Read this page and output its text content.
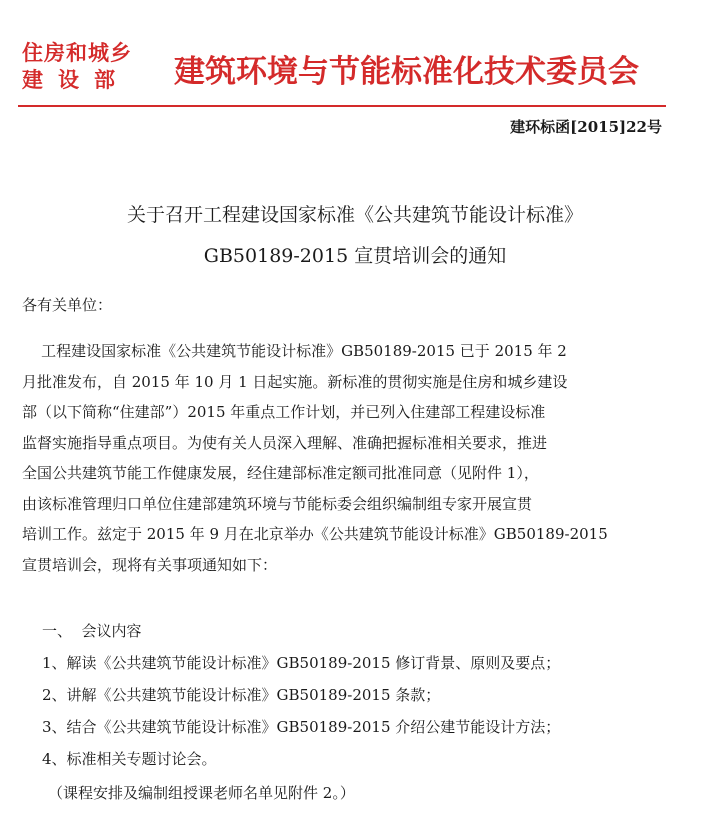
住房和城乡
建设部	建筑环境与节能标准化技术委员会
建环标函[2015]22号
关于召开工程建设国家标准《公共建筑节能设计标准》
GB50189-2015 宣贯培训会的通知
各有关单位：
工程建设国家标准《公共建筑节能设计标准》GB50189-2015 已于 2015 年 2
月批准发布，自 2015 年 10 月 1 日起实施。新标准的贯彻实施是住房和城乡建设
部（以下简称“住建部”）2015 年重点工作计划，并已列入住建部工程建设标准
监督实施指导重点项目。为使有关人员深入理解、准确把握标准相关要求，推进
全国公共建筑节能工作健康发展，经住建部标准定额司批准同意（见附件 1），
由该标准管理归口单位住建部建筑环境与节能标委会组织编制组专家开展宣贯
培训工作。兹定于 2015 年 9 月在北京举办《公共建筑节能设计标准》GB50189-2015
宣贯培训会，现将有关事项通知如下：
一、  会议内容
1、解读《公共建筑节能设计标准》GB50189-2015 修订背景、原则及要点；
2、讲解《公共建筑节能设计标准》GB50189-2015 条款；
3、结合《公共建筑节能设计标准》GB50189-2015 介绍公建节能设计方法；
4、标准相关专题讨论会。
（课程安排及编制组授课老师名单见附件 2。）
